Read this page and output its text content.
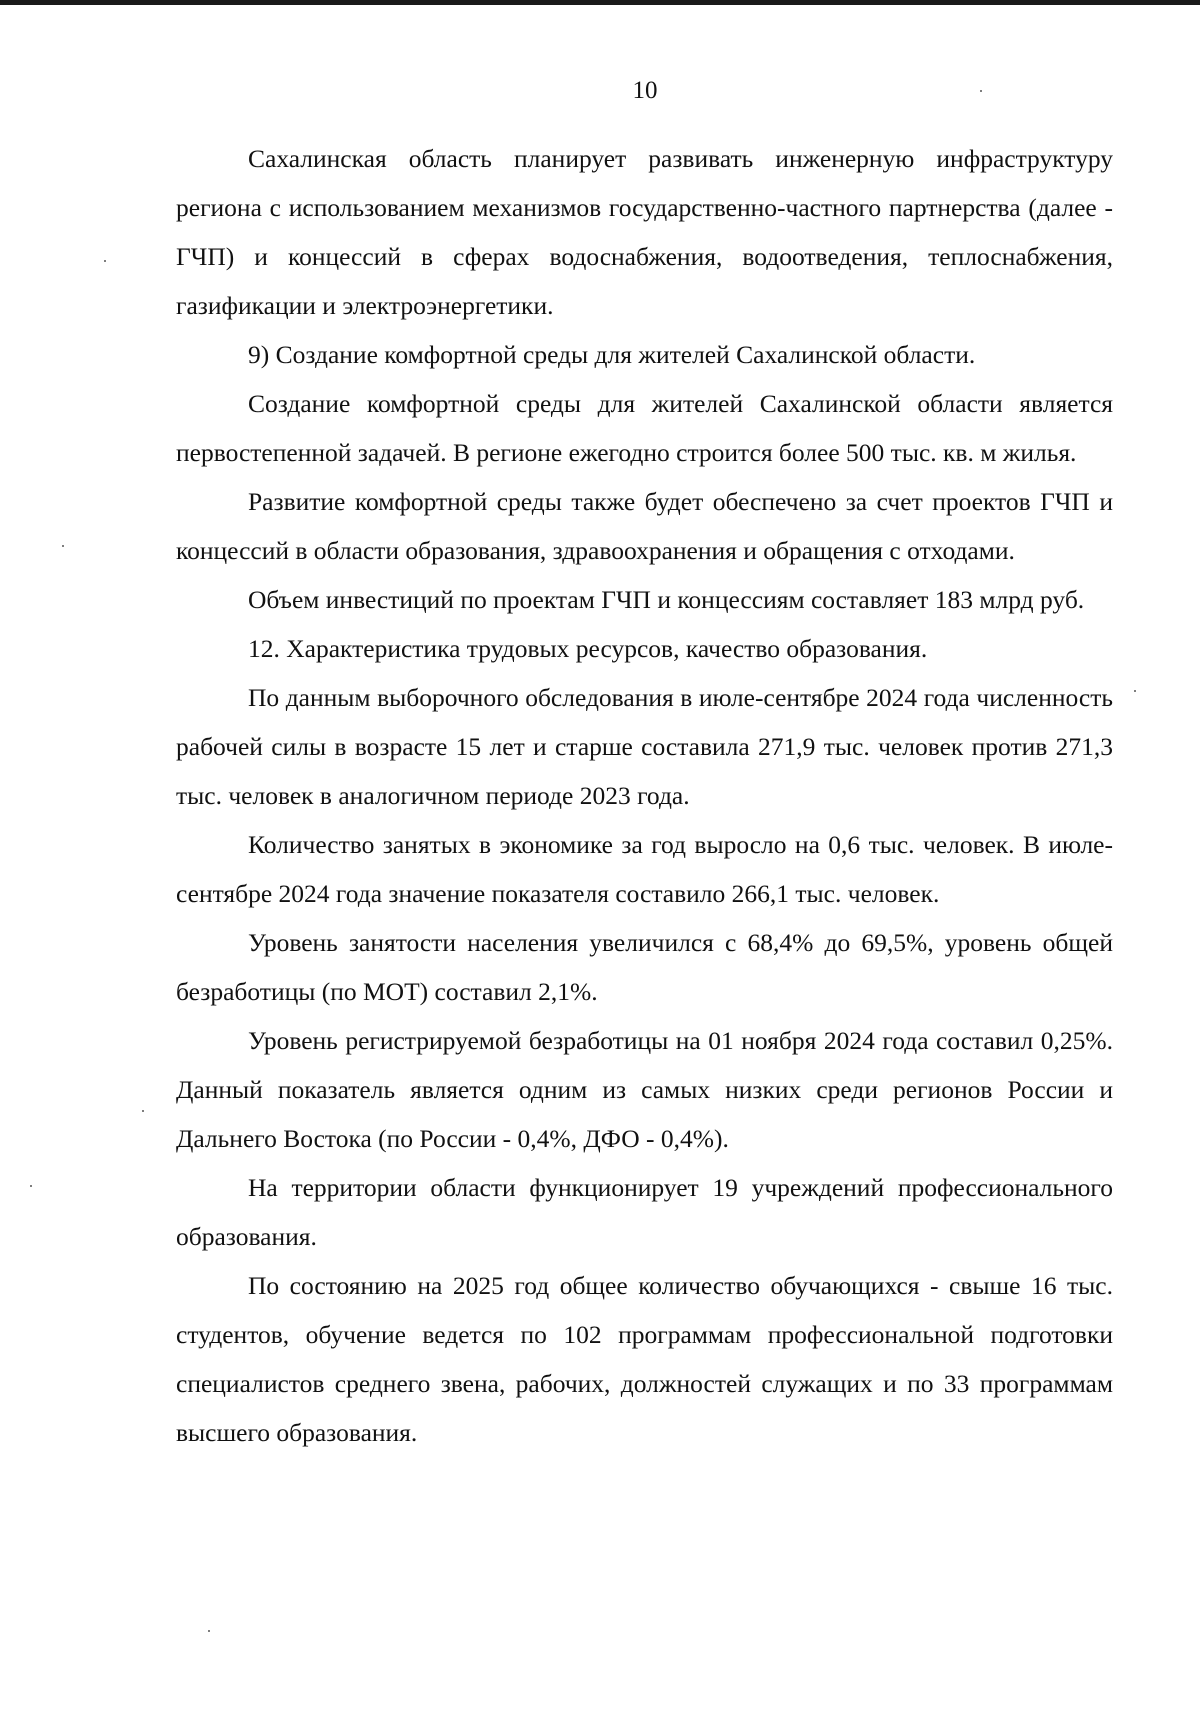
10

Сахалинская область планирует развивать инженерную инфраструктуру региона с использованием механизмов государственно-частного партнерства (далее - ГЧП) и концессий в сферах водоснабжения, водоотведения, теплоснабжения, газификации и электроэнергетики.

9) Создание комфортной среды для жителей Сахалинской области.

Создание комфортной среды для жителей Сахалинской области является первостепенной задачей. В регионе ежегодно строится более 500 тыс. кв. м жилья.

Развитие комфортной среды также будет обеспечено за счет проектов ГЧП и концессий в области образования, здравоохранения и обращения с отходами.

Объем инвестиций по проектам ГЧП и концессиям составляет 183 млрд руб.

12. Характеристика трудовых ресурсов, качество образования.

По данным выборочного обследования в июле-сентябре 2024 года численность рабочей силы в возрасте 15 лет и старше составила 271,9 тыс. человек против 271,3 тыс. человек в аналогичном периоде 2023 года.

Количество занятых в экономике за год выросло на 0,6 тыс. человек. В июле-сентябре 2024 года значение показателя составило 266,1 тыс. человек.

Уровень занятости населения увеличился с 68,4% до 69,5%, уровень общей безработицы (по МОТ) составил 2,1%.

Уровень регистрируемой безработицы на 01 ноября 2024 года составил 0,25%. Данный показатель является одним из самых низких среди регионов России и Дальнего Востока (по России - 0,4%, ДФО - 0,4%).

На территории области функционирует 19 учреждений профессионального образования.

По состоянию на 2025 год общее количество обучающихся - свыше 16 тыс. студентов, обучение ведется по 102 программам профессиональной подготовки специалистов среднего звена, рабочих, должностей служащих и по 33 программам высшего образования.
